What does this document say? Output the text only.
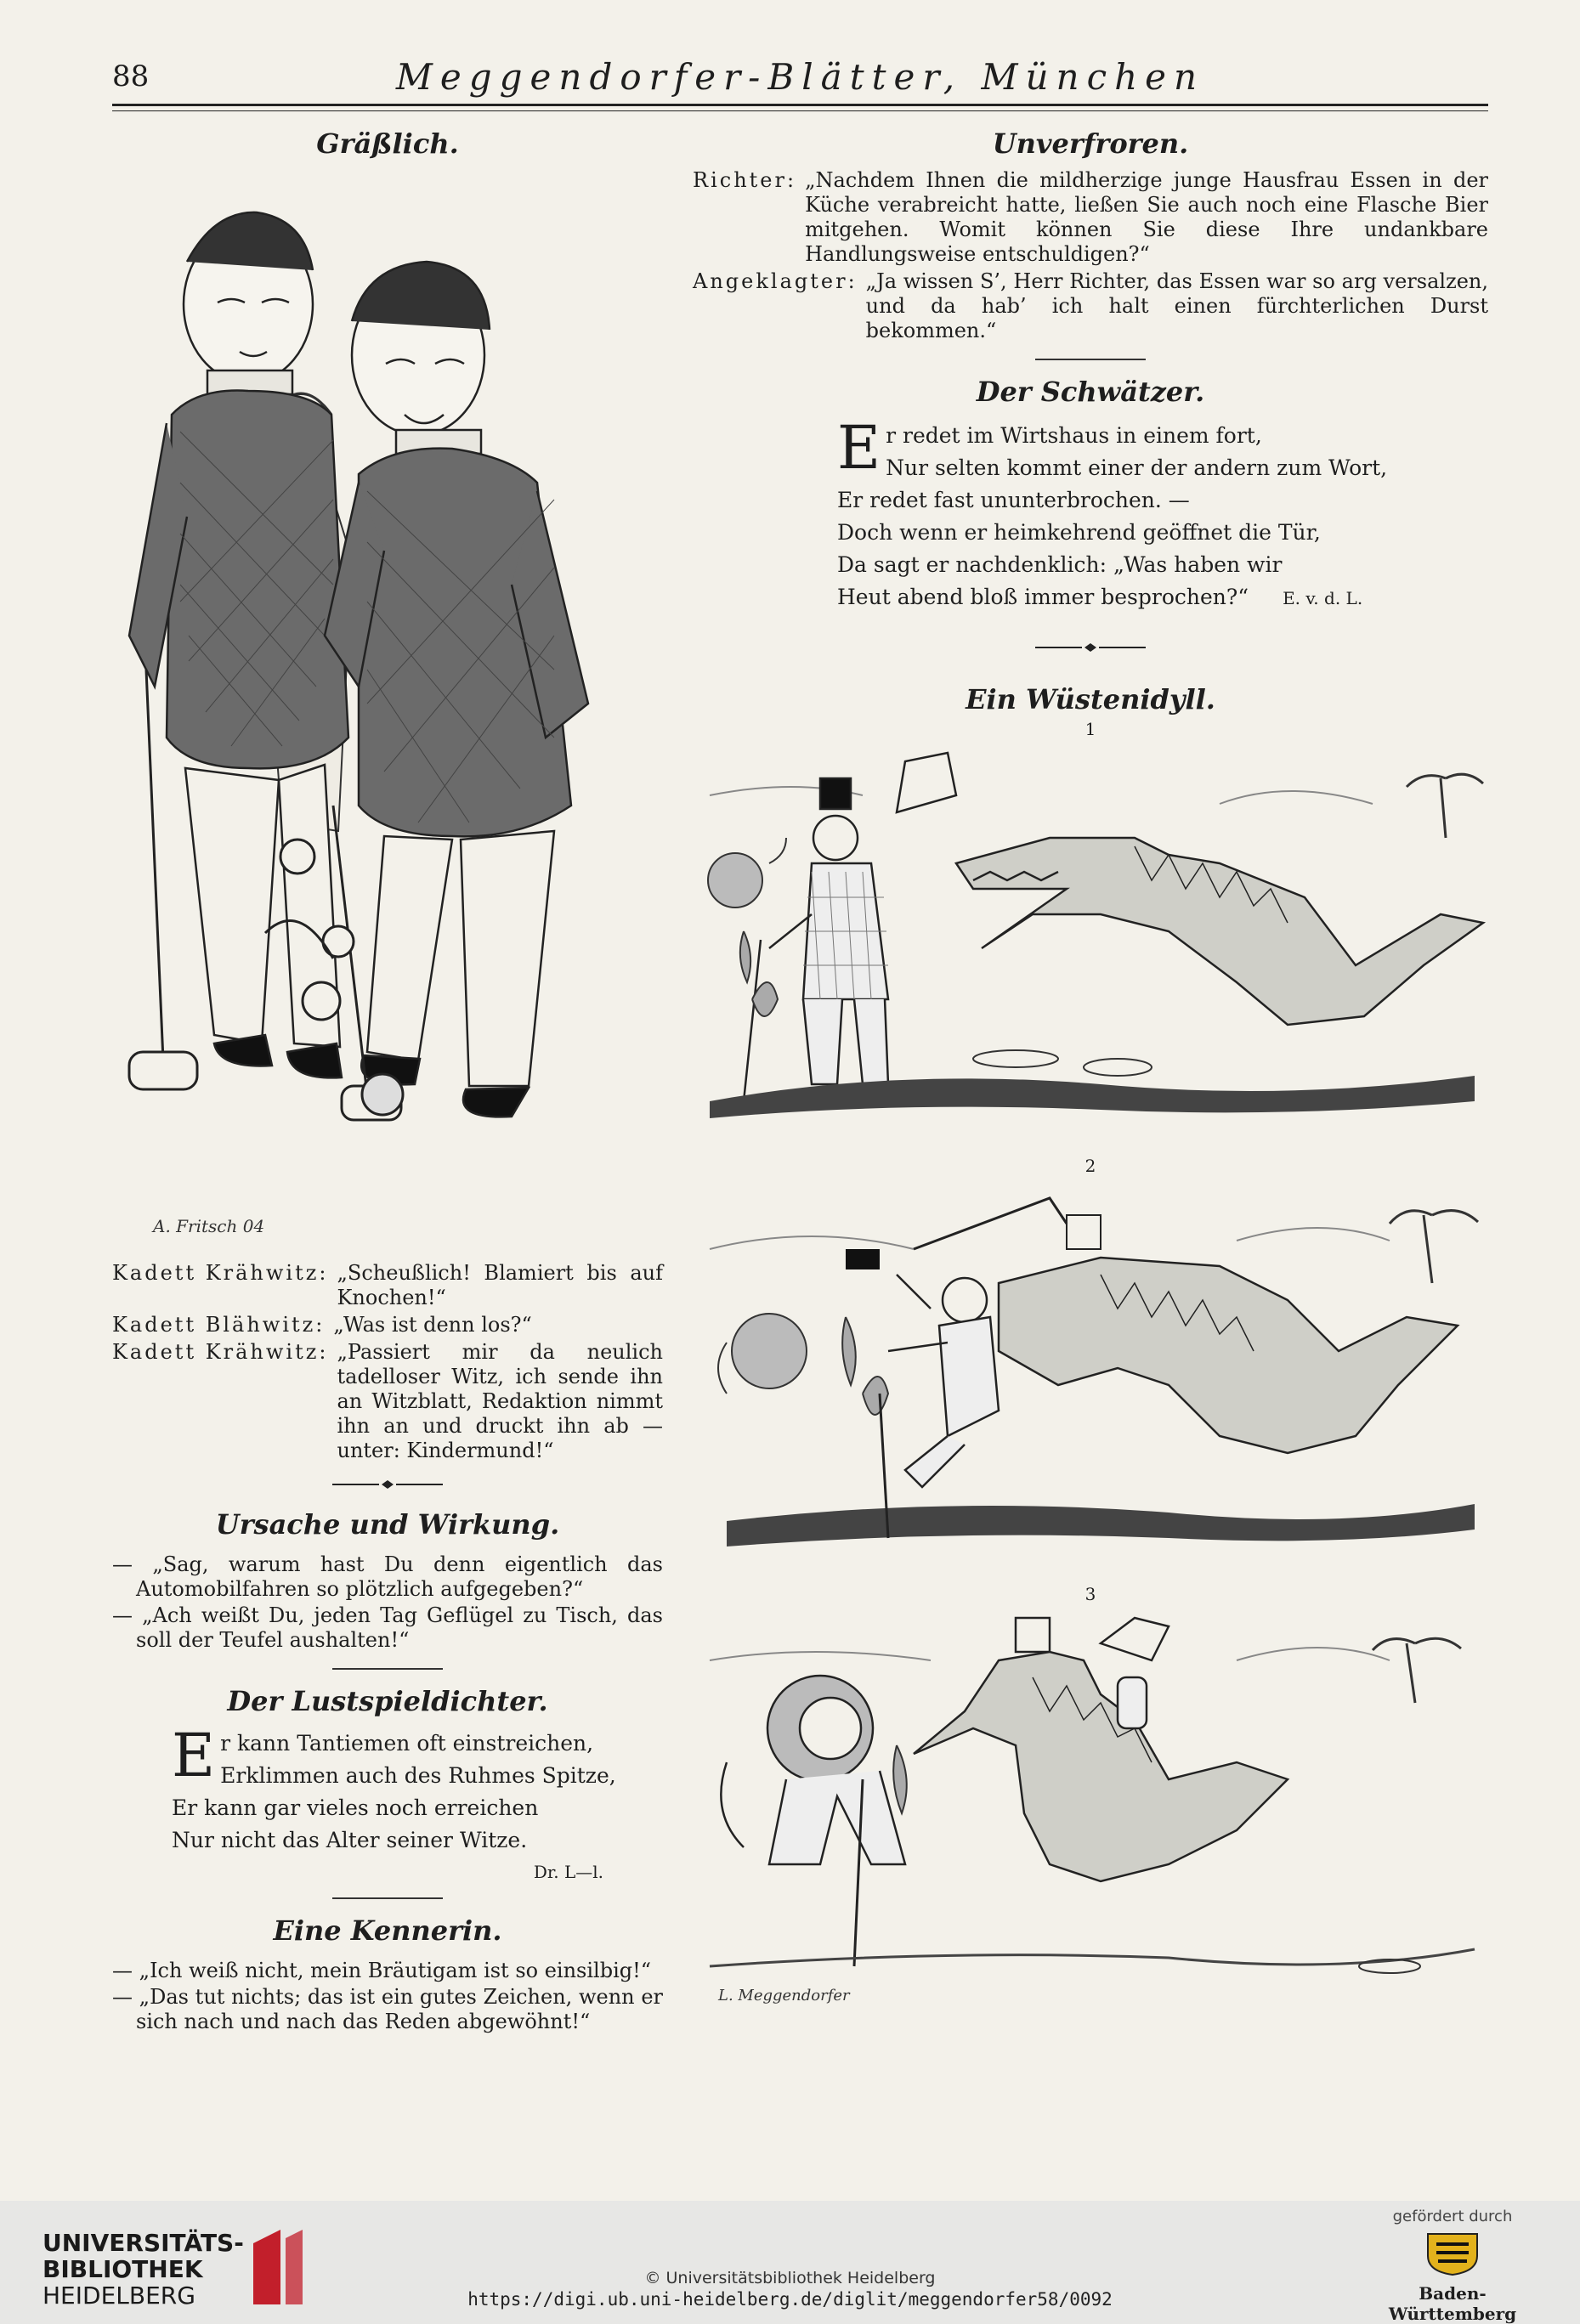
88	Meggendorfer-Blätter, München
Gräßlich.
A. Fritsch 04
Kadett Krähwitz: „Scheußlich! Blamiert bis auf Knochen!“
Kadett Blähwitz: „Was ist denn los?“
Kadett Krähwitz: „Passiert mir da neulich tadelloser Witz, ich sende ihn an Witzblatt, Redaktion nimmt ihn an und druckt ihn ab — unter: Kindermund!“
Ursache und Wirkung.

— „Sag, warum hast Du denn eigentlich das Automobilfahren so plötzlich aufgegeben?“

— „Ach weißt Du, jeden Tag Geflügel zu Tisch, das soll der Teufel aushalten!“

Der Lustspieldichter.
E r kann Tantiemen oft einstreichen,
Erklimmen auch des Ruhmes Spitze,
Er kann gar vieles noch erreichen
Nur nicht das Alter seiner Witze.

Dr. L—l.
Eine Kennerin.

— „Ich weiß nicht, mein Bräutigam ist so einsilbig!“

— „Das tut nichts; das ist ein gutes Zeichen, wenn er sich nach und nach das Reden abgewöhnt!“

Unverfroren.
Richter: „Nachdem Ihnen die mildherzige junge Hausfrau Essen in der Küche verabreicht hatte, ließen Sie auch noch eine Flasche Bier mitgehen. Womit können Sie diese Ihre undankbare Handlungsweise entschuldigen?“
Angeklagter: „Ja wissen S’, Herr Richter, das Essen war so arg versalzen, und da hab’ ich halt einen fürchterlichen Durst bekommen.“
Der Schwätzer.
E r redet im Wirtshaus in einem fort,
Nur selten kommt einer der andern zum Wort,
Er redet fast ununterbrochen. —
Doch wenn er heimkehrend geöffnet die Tür,
Da sagt er nachdenklich: „Was haben wir
Heut abend bloß immer besprochen?“ E. v. d. L.

Ein Wüstenidyll.
1
2
3
L. Meggendorfer
UNIVERSITÄTS-
BIBLIOTHEK
HEIDELBERG
© Universitätsbibliothek Heidelberg
https://digi.ub.uni-heidelberg.de/diglit/meggendorfer58/0092
gefördert durch
Baden-Württemberg
